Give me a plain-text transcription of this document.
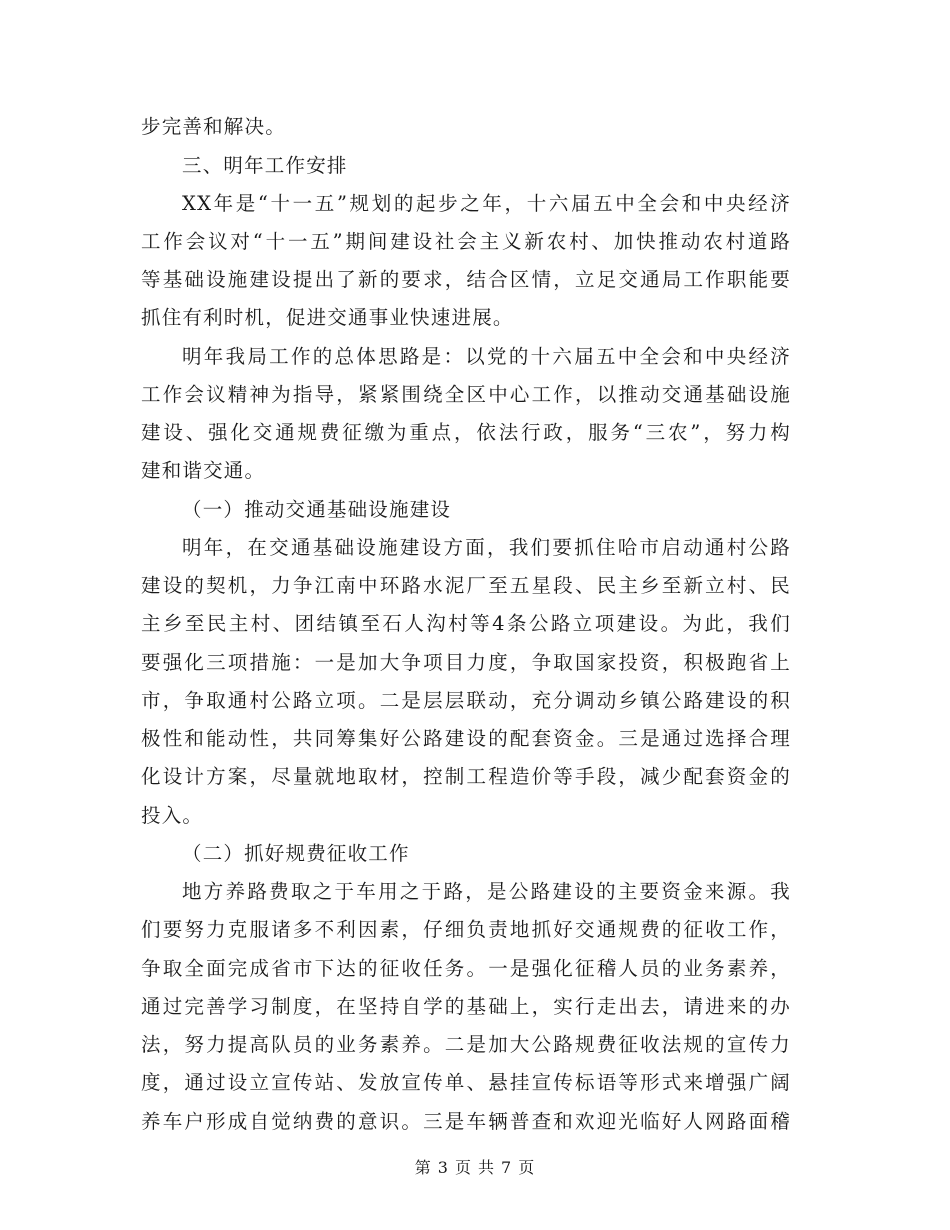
步完善和解决。
三、明年工作安排
XX年是“十一五”规划的起步之年，十六届五中全会和中央经济
工作会议对“十一五”期间建设社会主义新农村、加快推动农村道路
等基础设施建设提出了新的要求，结合区情，立足交通局工作职能要
抓住有利时机，促进交通事业快速进展。
明年我局工作的总体思路是：以党的十六届五中全会和中央经济
工作会议精神为指导，紧紧围绕全区中心工作，以推动交通基础设施
建设、强化交通规费征缴为重点，依法行政，服务“三农”，努力构
建和谐交通。
（一）推动交通基础设施建设
明年，在交通基础设施建设方面，我们要抓住哈市启动通村公路
建设的契机，力争江南中环路水泥厂至五星段、民主乡至新立村、民
主乡至民主村、团结镇至石人沟村等4条公路立项建设。为此，我们
要强化三项措施：一是加大争项目力度，争取国家投资，积极跑省上
市，争取通村公路立项。二是层层联动，充分调动乡镇公路建设的积
极性和能动性，共同筹集好公路建设的配套资金。三是通过选择合理
化设计方案，尽量就地取材，控制工程造价等手段，减少配套资金的
投入。
（二）抓好规费征收工作
地方养路费取之于车用之于路，是公路建设的主要资金来源。我
们要努力克服诸多不利因素，仔细负责地抓好交通规费的征收工作，
争取全面完成省市下达的征收任务。一是强化征稽人员的业务素养，
通过完善学习制度，在坚持自学的基础上，实行走出去，请进来的办
法，努力提高队员的业务素养。二是加大公路规费征收法规的宣传力
度，通过设立宣传站、发放宣传单、悬挂宣传标语等形式来增强广阔
养车户形成自觉纳费的意识。三是车辆普查和欢迎光临好人网路面稽
第 3 页 共 7 页
